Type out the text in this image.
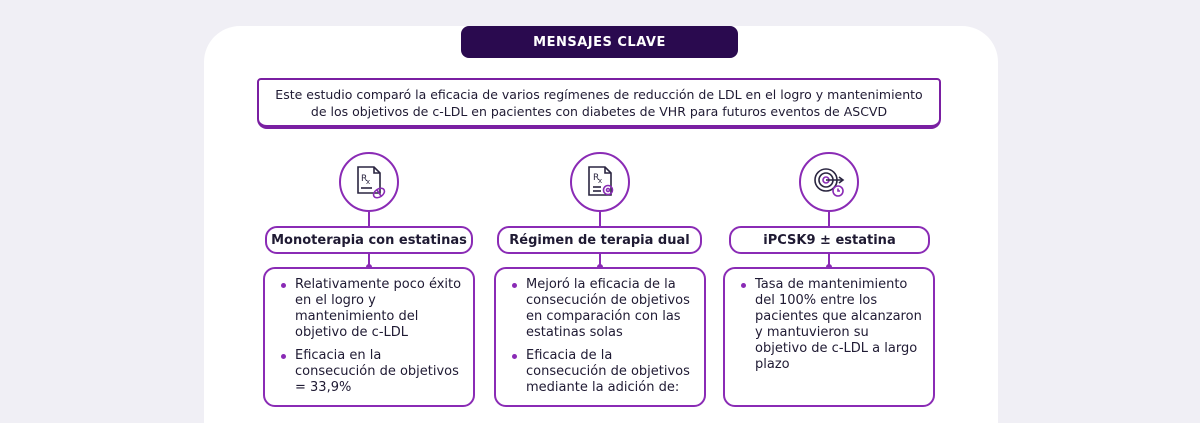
MENSAJES CLAVE
Este estudio comparó la eficacia de varios regímenes de reducción de LDL en el logro y mantenimiento de los objetivos de c-LDL en pacientes con diabetes de VHR para futuros eventos de ASCVD
R
x
Monoterapia con estatinas
Relativamente poco éxito en el logro y mantenimiento del objetivo de c-LDL
Eficacia en la consecución de objetivos = 33,9%
R
x
Régimen de terapia dual
Mejoró la eficacia de la consecución de objetivos en comparación con las estatinas solas
Eficacia de la consecución de objetivos mediante la adición de:
iPCSK9 ± estatina
Tasa de mantenimiento del 100% entre los pacientes que alcanzaron y mantuvieron su objetivo de c-LDL a largo plazo
